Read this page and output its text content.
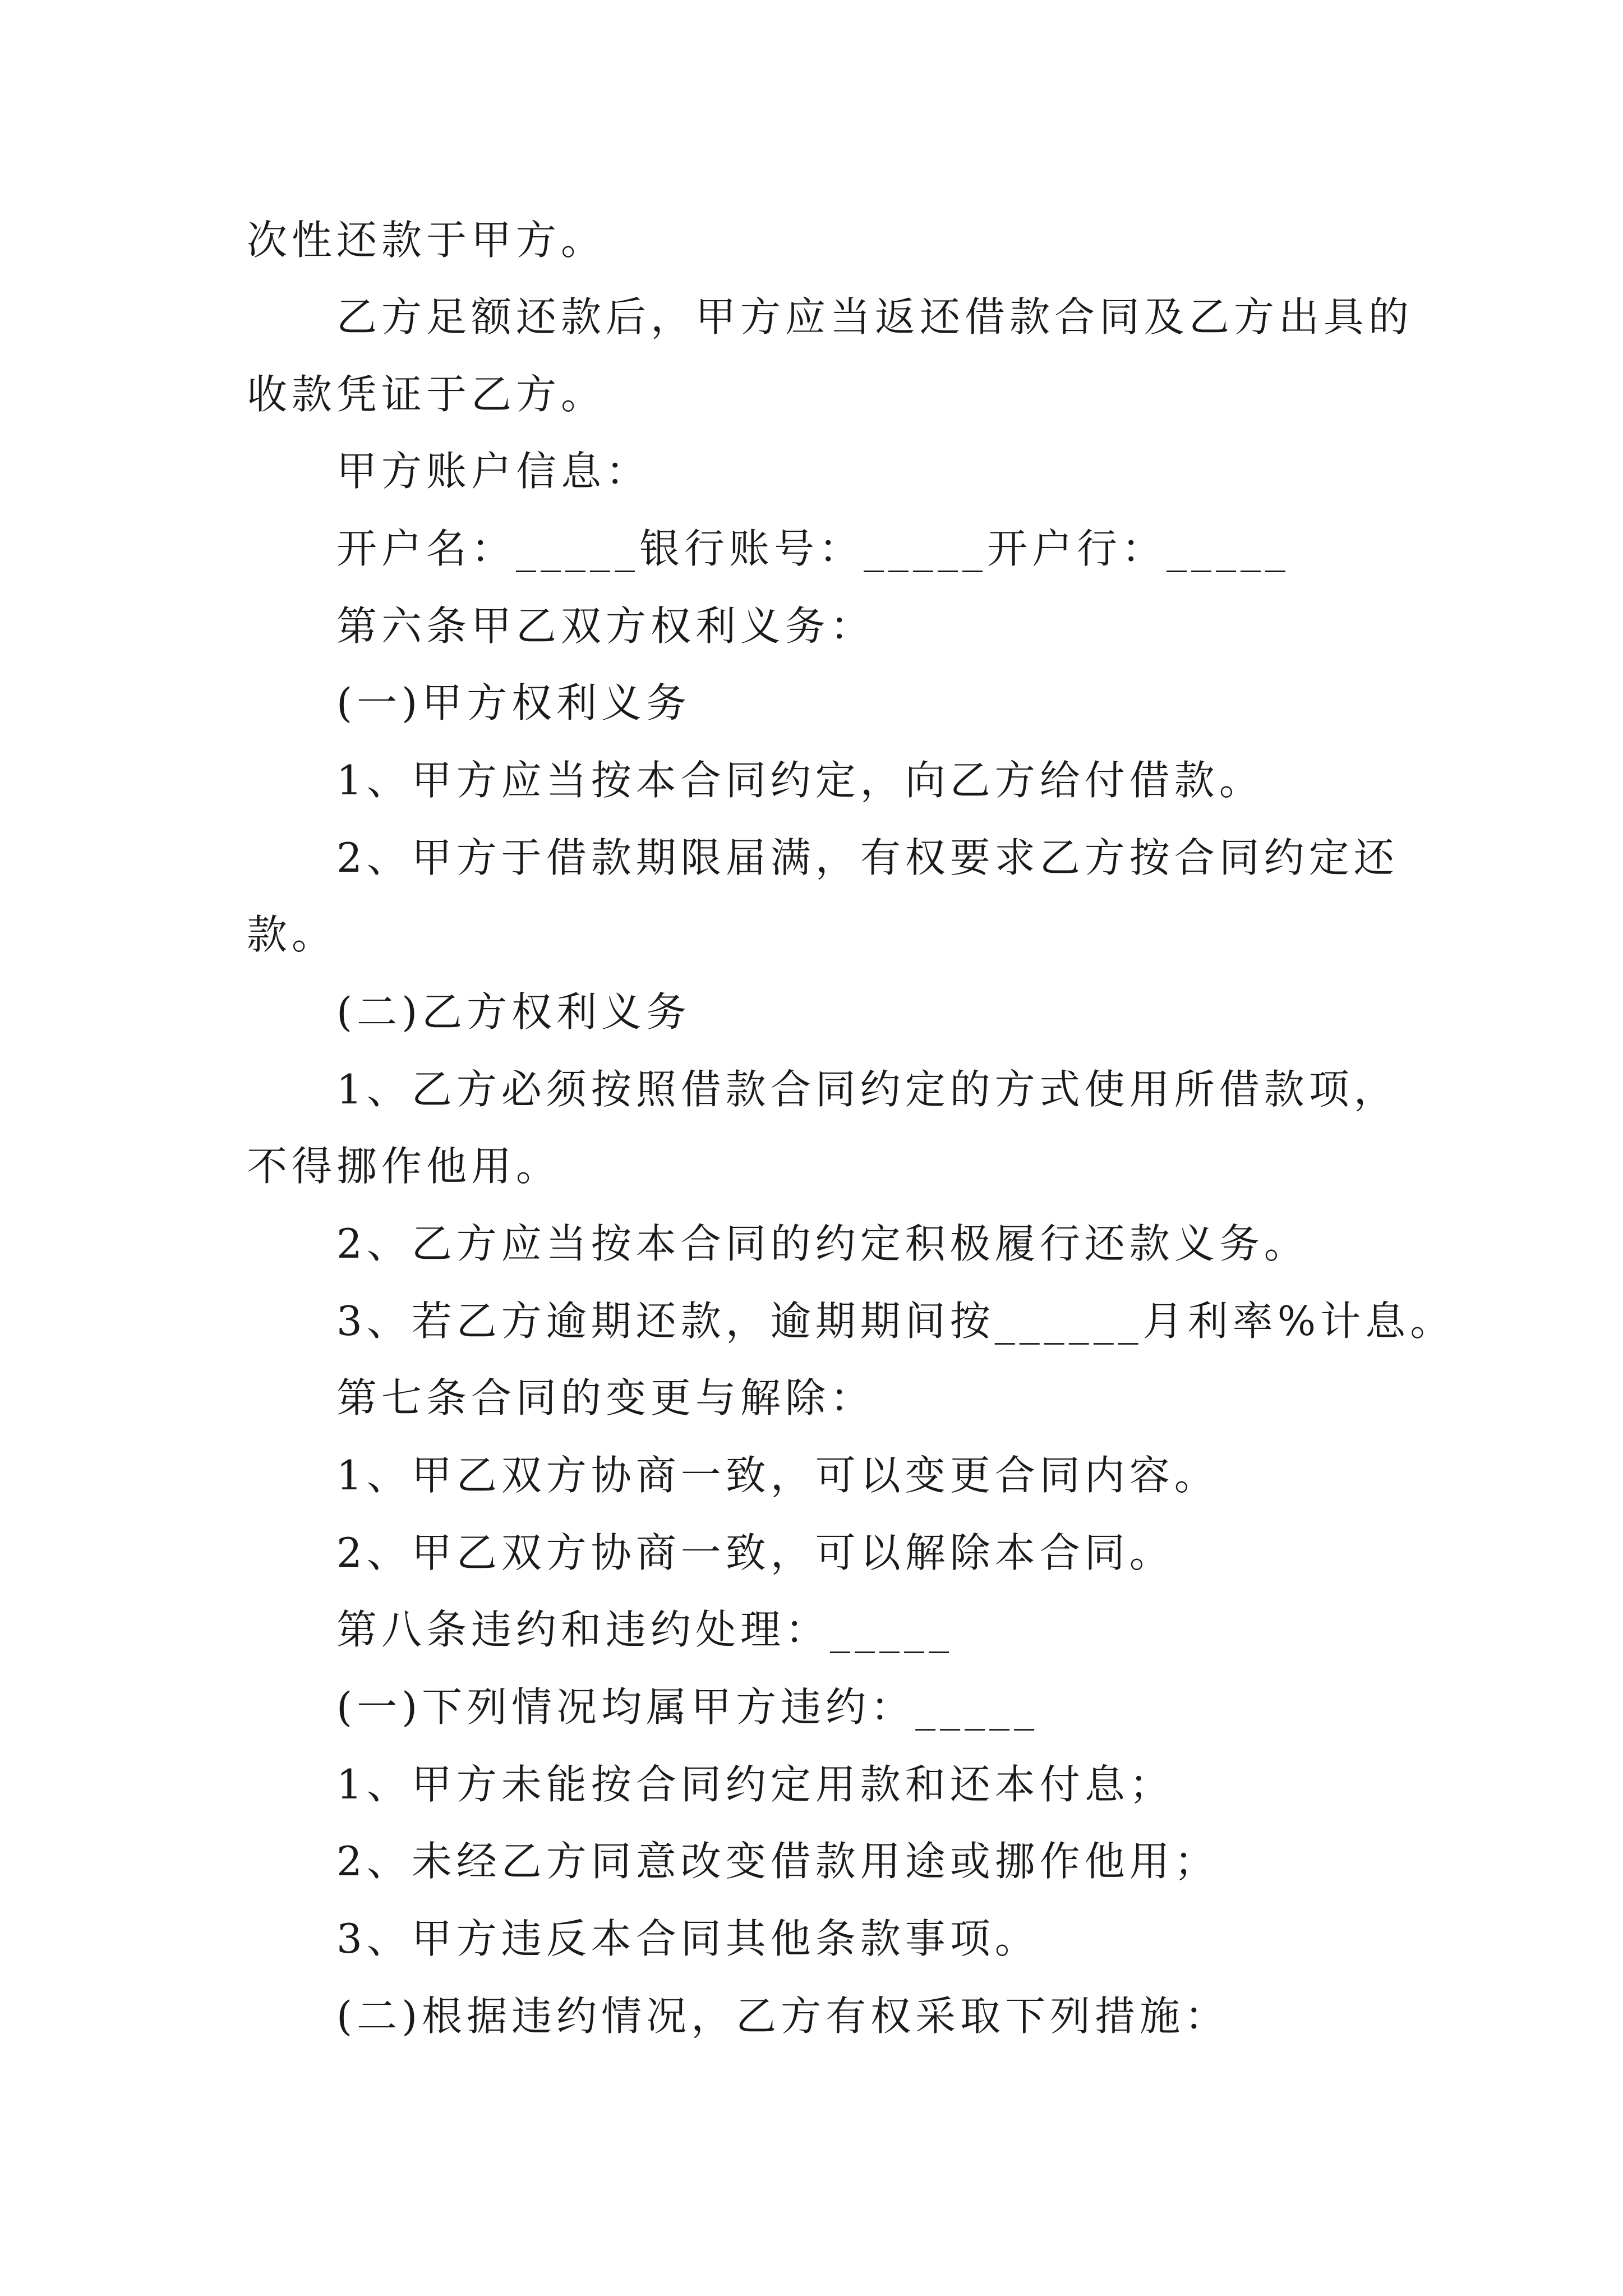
次性还款于甲方。
乙方足额还款后，甲方应当返还借款合同及乙方出具的
收款凭证于乙方。
甲方账户信息：
开户名：_____银行账号：_____开户行：_____
第六条甲乙双方权利义务：
(一)甲方权利义务
1、甲方应当按本合同约定，向乙方给付借款。
2、甲方于借款期限届满，有权要求乙方按合同约定还
款。
(二)乙方权利义务
1、乙方必须按照借款合同约定的方式使用所借款项，
不得挪作他用。
2、乙方应当按本合同的约定积极履行还款义务。
3、若乙方逾期还款，逾期期间按______月利率%计息。
第七条合同的变更与解除：
1、甲乙双方协商一致，可以变更合同内容。
2、甲乙双方协商一致，可以解除本合同。
第八条违约和违约处理：_____
(一)下列情况均属甲方违约：_____
1、甲方未能按合同约定用款和还本付息；
2、未经乙方同意改变借款用途或挪作他用；
3、甲方违反本合同其他条款事项。
(二)根据违约情况，乙方有权采取下列措施：
